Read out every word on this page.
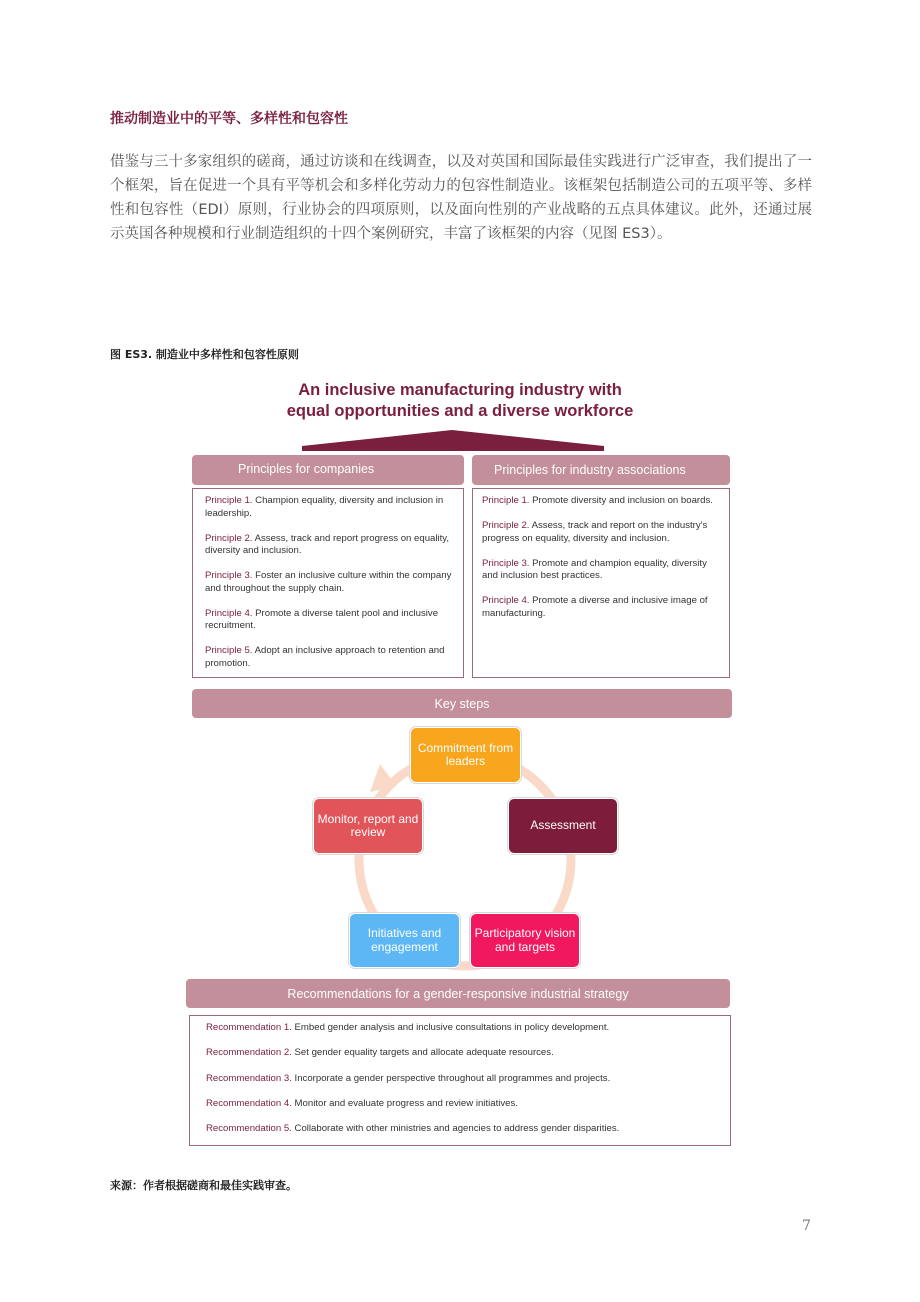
推动制造业中的平等、多样性和包容性
借鉴与三十多家组织的磋商，通过访谈和在线调查，以及对英国和国际最佳实践进行广泛审查，我们提出了一个框架，旨在促进一个具有平等机会和多样化劳动力的包容性制造业。该框架包括制造公司的五项平等、多样性和包容性（EDI）原则，行业协会的四项原则，以及面向性别的产业战略的五点具体建议。此外，还通过展示英国各种规模和行业制造组织的十四个案例研究，丰富了该框架的内容（见图 ES3）。
图 ES3. 制造业中多样性和包容性原则
An inclusive manufacturing industry with
equal opportunities and a diverse workforce
Principles for companies	Principles for industry associations
Principle 1. Champion equality, diversity and inclusion in leadership.
Principle 2. Assess, track and report progress on equality, diversity and inclusion.
Principle 3. Foster an inclusive culture within the company and throughout the supply chain.
Principle 4. Promote a diverse talent pool and inclusive recruitment.
Principle 5. Adopt an inclusive approach to retention and promotion.
Principle 1. Promote diversity and inclusion on boards.
Principle 2. Assess, track and report on the industry's progress on equality, diversity and inclusion.
Principle 3. Promote and champion equality, diversity and inclusion best practices.
Principle 4. Promote a diverse and inclusive image of manufacturing.
Key steps
Commitment from leaders
Assessment
Participatory vision and targets
Initiatives and engagement
Monitor, report and review
Recommendations for a gender-responsive industrial strategy
Recommendation 1. Embed gender analysis and inclusive consultations in policy development.
Recommendation 2. Set gender equality targets and allocate adequate resources.
Recommendation 3. Incorporate a gender perspective throughout all programmes and projects.
Recommendation 4. Monitor and evaluate progress and review initiatives.
Recommendation 5. Collaborate with other ministries and agencies to address gender disparities.
来源：作者根据磋商和最佳实践审查。
7
